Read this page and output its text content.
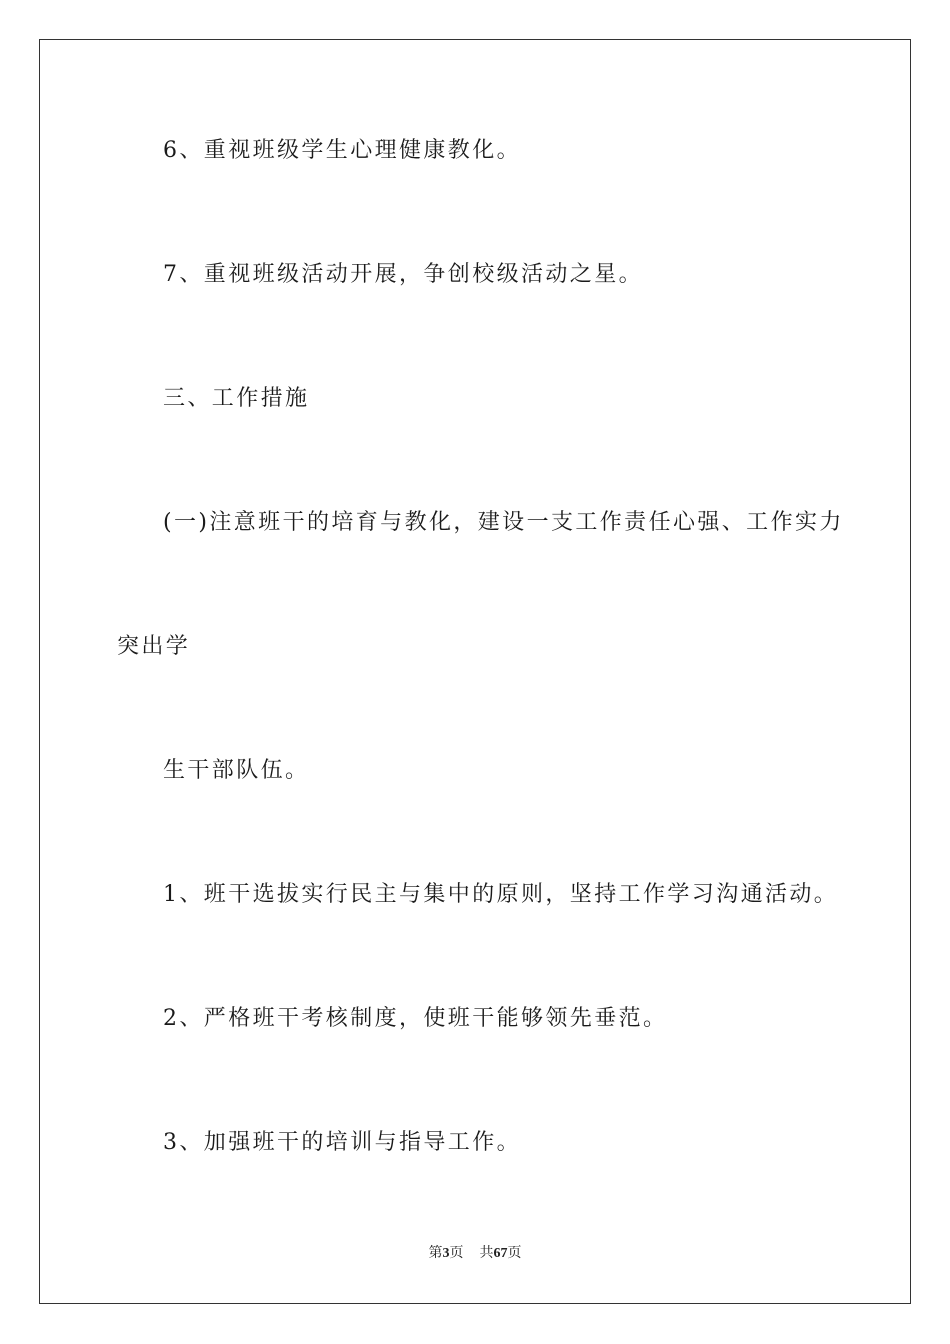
6、重视班级学生心理健康教化。
7、重视班级活动开展，争创校级活动之星。
三、工作措施
(一)注意班干的培育与教化，建设一支工作责任心强、工作实力
突出学
生干部队伍。
1、班干选拔实行民主与集中的原则，坚持工作学习沟通活动。
2、严格班干考核制度，使班干能够领先垂范。
3、加强班干的培训与指导工作。
第3页 共67页
